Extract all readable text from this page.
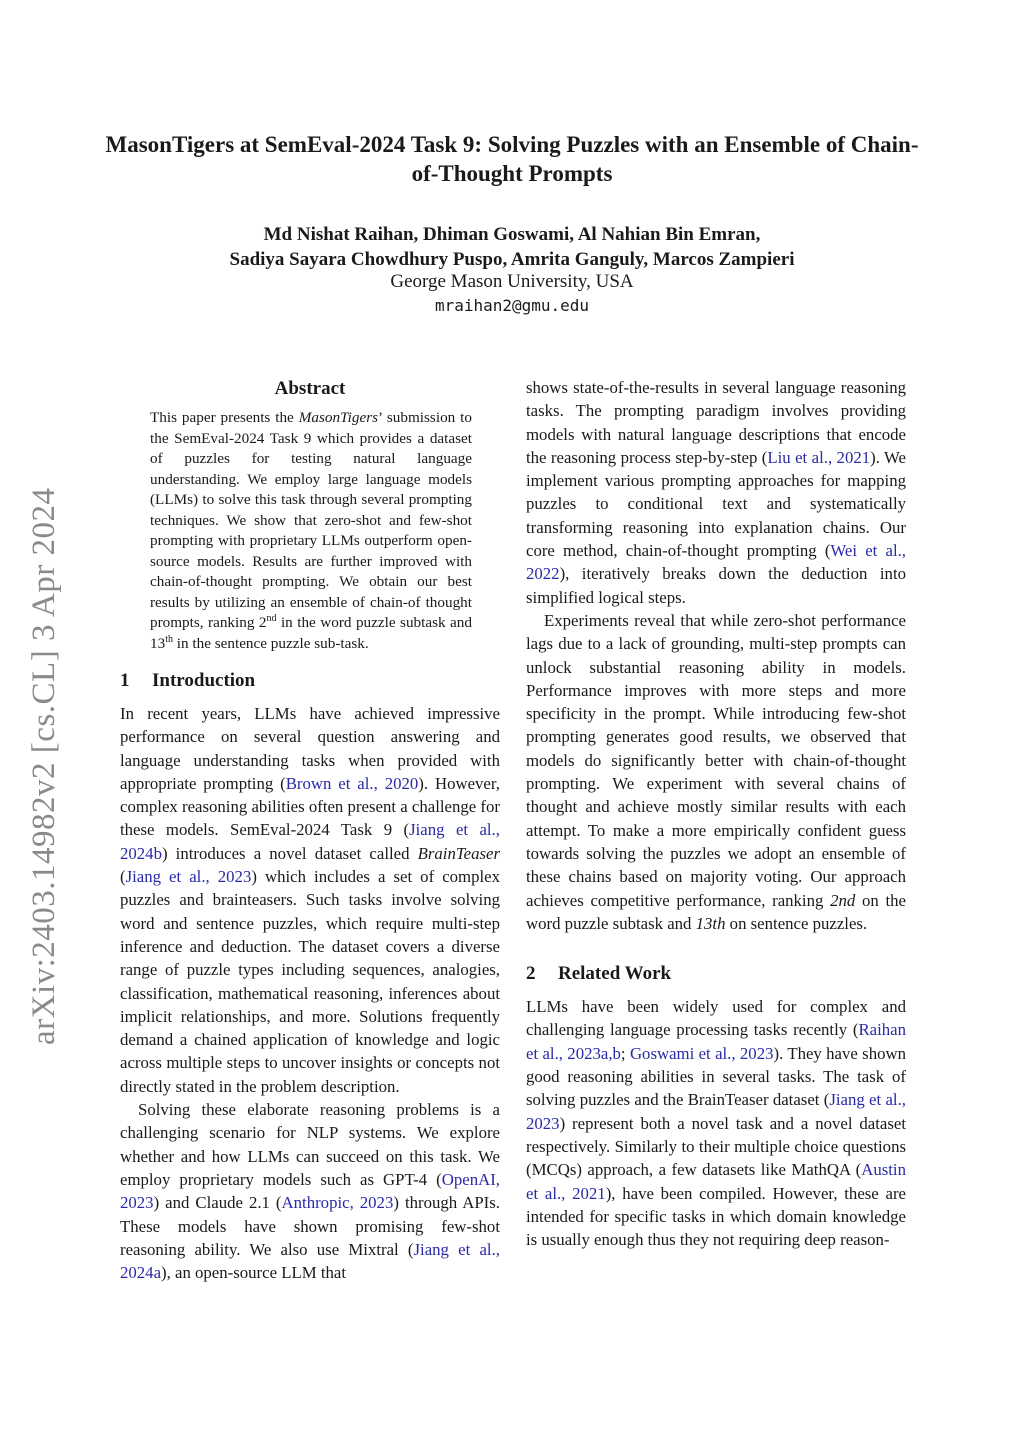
arXiv:2403.14982v2 [cs.CL] 3 Apr 2024
MasonTigers at SemEval-2024 Task 9: Solving Puzzles with an Ensemble of Chain-of-Thought Prompts
Md Nishat Raihan, Dhiman Goswami, Al Nahian Bin Emran,
Sadiya Sayara Chowdhury Puspo, Amrita Ganguly, Marcos Zampieri
George Mason University, USA
mraihan2@gmu.edu
Abstract

This paper presents the MasonTigers’ submission to the SemEval-2024 Task 9 which provides a dataset of puzzles for testing natural language understanding. We employ large language models (LLMs) to solve this task through several prompting techniques. We show that zero-shot and few-shot prompting with proprietary LLMs outperform open-source models. Results are further improved with chain-of-thought prompting. We obtain our best results by utilizing an ensemble of chain-of thought prompts, ranking 2nd in the word puzzle subtask and 13th in the sentence puzzle sub-task.

1 Introduction

In recent years, LLMs have achieved impressive performance on several question answering and language understanding tasks when provided with appropriate prompting (Brown et al., 2020). However, complex reasoning abilities often present a challenge for these models. SemEval-2024 Task 9 (Jiang et al., 2024b) introduces a novel dataset called BrainTeaser (Jiang et al., 2023) which includes a set of complex puzzles and brainteasers. Such tasks involve solving word and sentence puzzles, which require multi-step inference and deduction. The dataset covers a diverse range of puzzle types including sequences, analogies, classification, mathematical reasoning, inferences about implicit relationships, and more. Solutions frequently demand a chained application of knowledge and logic across multiple steps to uncover insights or concepts not directly stated in the problem description.

Solving these elaborate reasoning problems is a challenging scenario for NLP systems. We explore whether and how LLMs can succeed on this task. We employ proprietary models such as GPT-4 (OpenAI, 2023) and Claude 2.1 (Anthropic, 2023) through APIs. These models have shown promising few-shot reasoning ability. We also use Mixtral (Jiang et al., 2024a), an open-source LLM that

shows state-of-the-results in several language reasoning tasks. The prompting paradigm involves providing models with natural language descriptions that encode the reasoning process step-by-step (Liu et al., 2021). We implement various prompting approaches for mapping puzzles to conditional text and systematically transforming reasoning into explanation chains. Our core method, chain-of-thought prompting (Wei et al., 2022), iteratively breaks down the deduction into simplified logical steps.

Experiments reveal that while zero-shot performance lags due to a lack of grounding, multi-step prompts can unlock substantial reasoning ability in models. Performance improves with more steps and more specificity in the prompt. While introducing few-shot prompting generates good results, we observed that models do significantly better with chain-of-thought prompting. We experiment with several chains of thought and achieve mostly similar results with each attempt. To make a more empirically confident guess towards solving the puzzles we adopt an ensemble of these chains based on majority voting. Our approach achieves competitive performance, ranking 2nd on the word puzzle subtask and 13th on sentence puzzles.

2 Related Work

LLMs have been widely used for complex and challenging language processing tasks recently (Raihan et al., 2023a,b; Goswami et al., 2023). They have shown good reasoning abilities in several tasks. The task of solving puzzles and the BrainTeaser dataset (Jiang et al., 2023) represent both a novel task and a novel dataset respectively. Similarly to their multiple choice questions (MCQs) approach, a few datasets like MathQA (Austin et al., 2021), have been compiled. However, these are intended for specific tasks in which domain knowledge is usually enough thus they not requiring deep reason-
